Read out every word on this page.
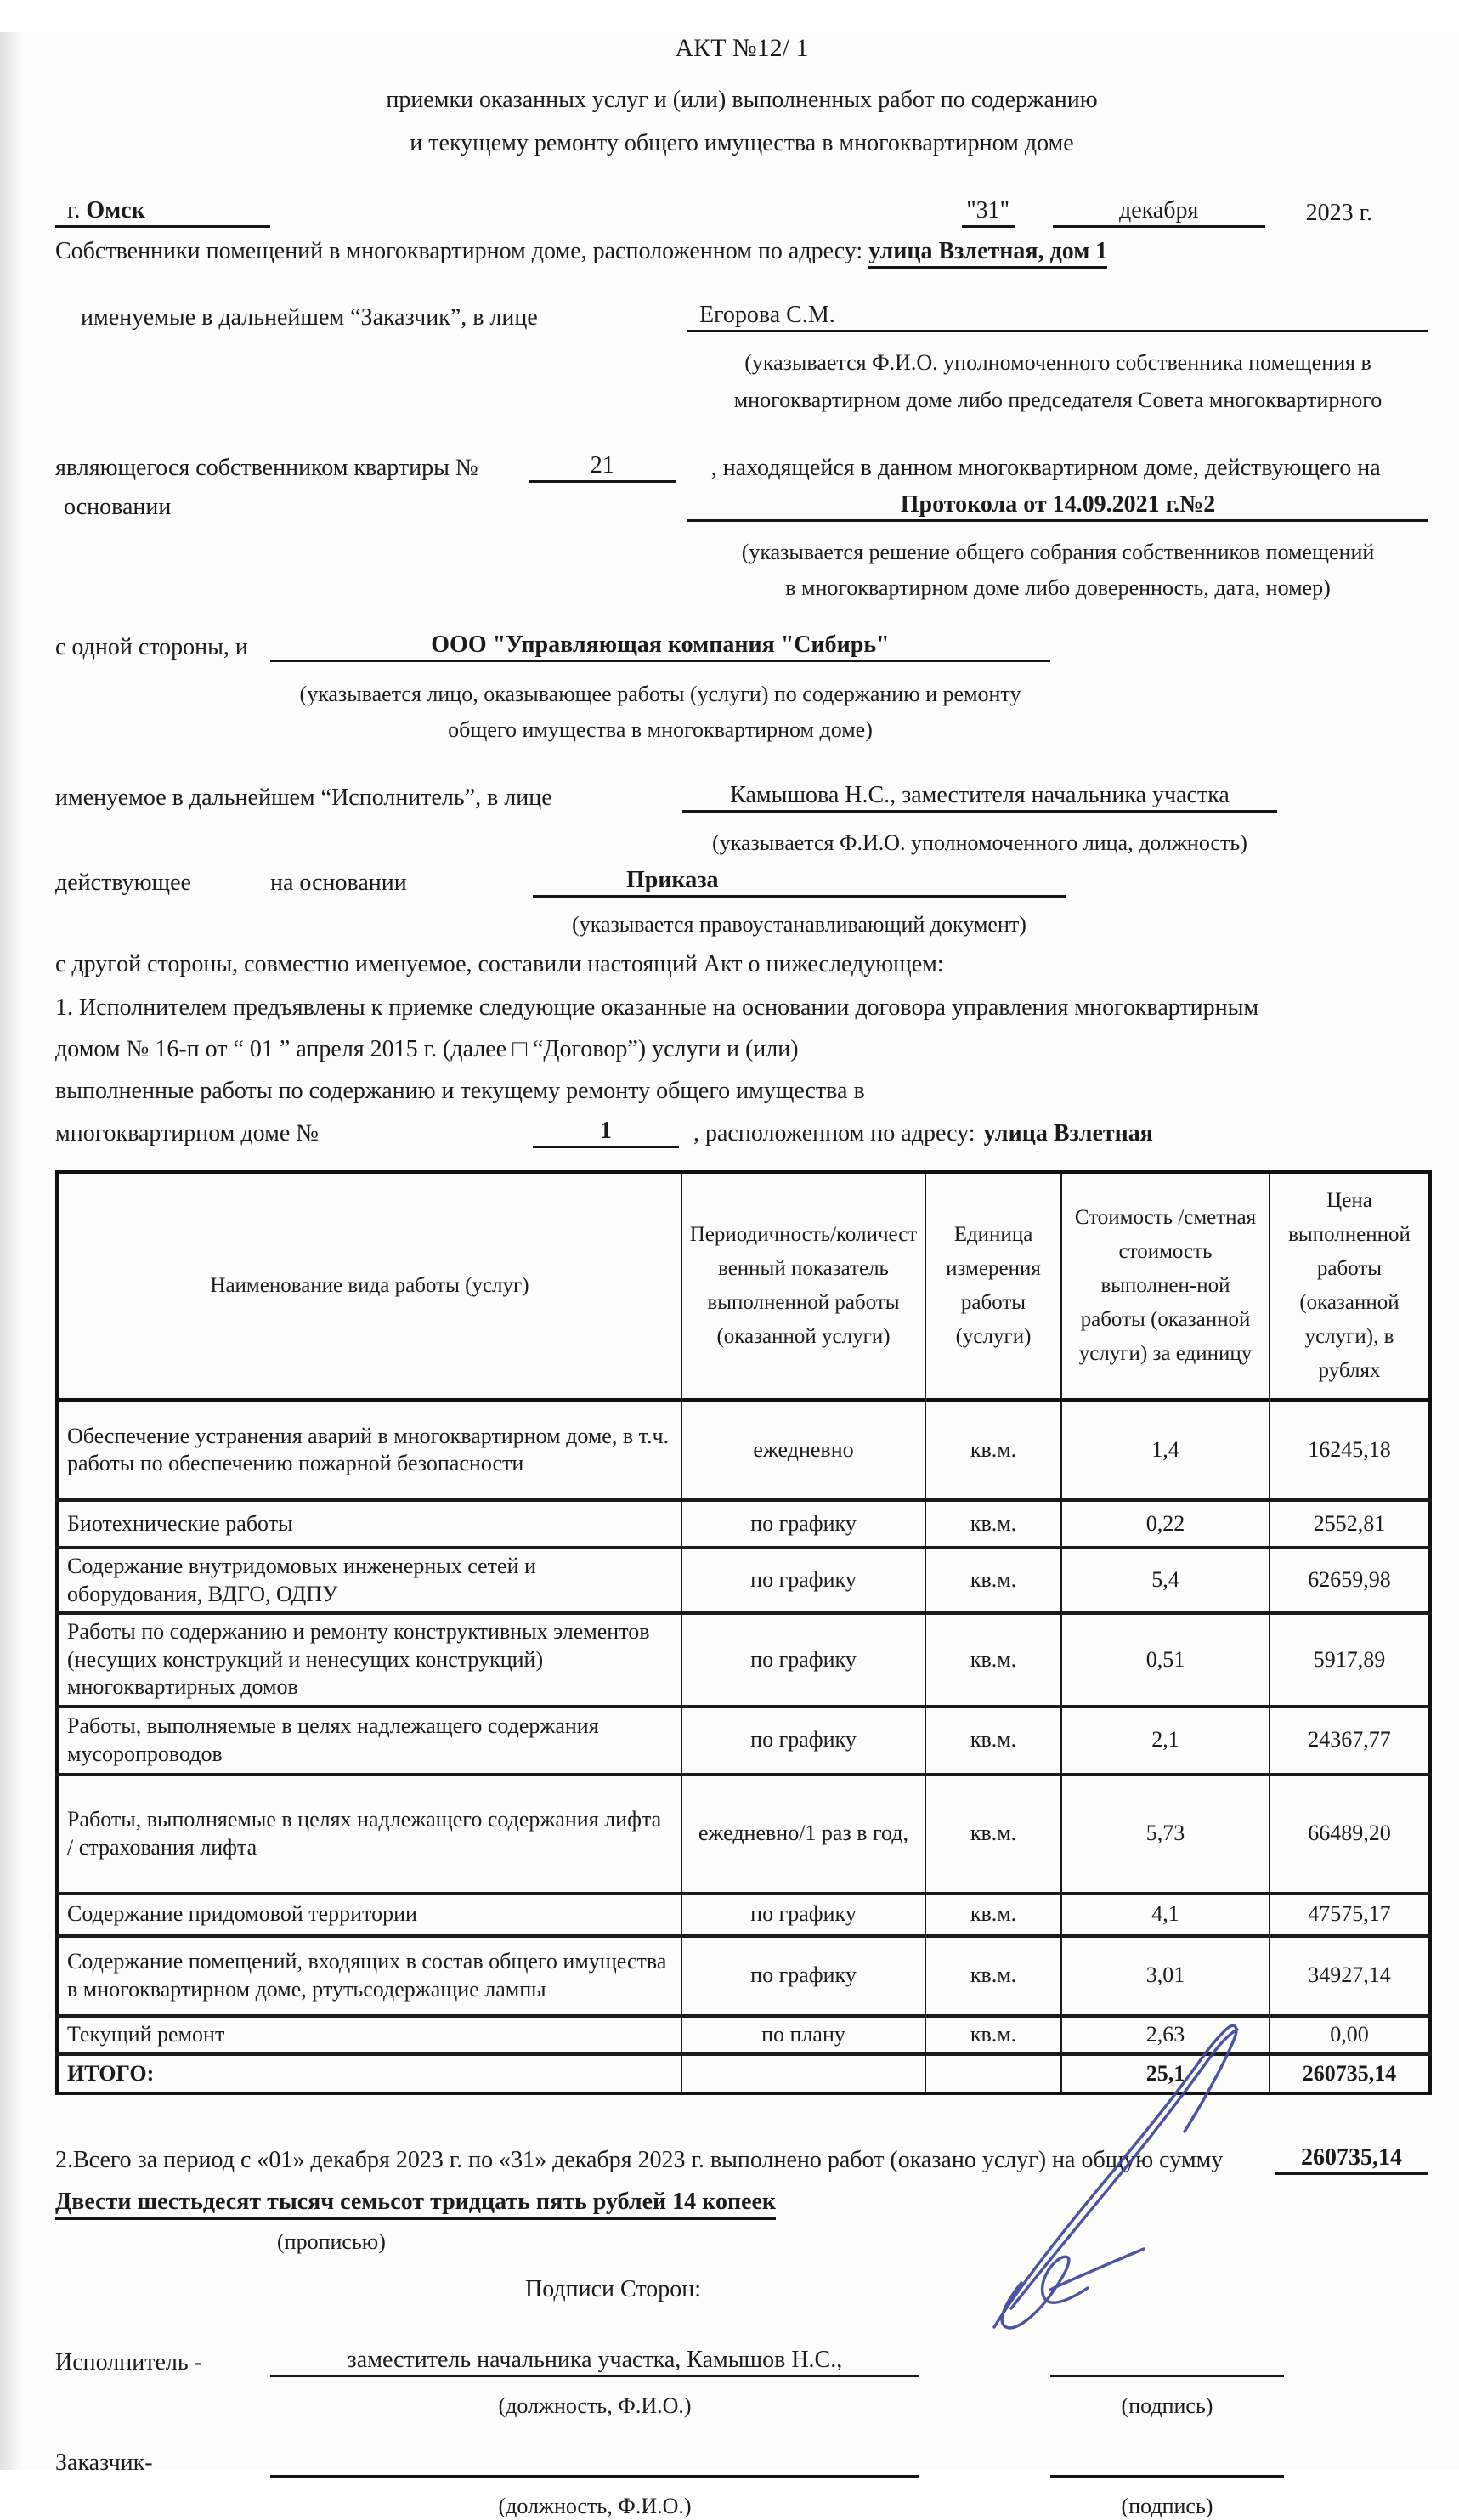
АКТ №12/ 1
приемки оказанных услуг и (или) выполненных работ по содержанию
и текущему ремонту общего имущества в многоквартирном доме
г. Омск	"31"	декабря	2023 г.
Собственники помещений в многоквартирном доме, расположенном по адресу: улица Взлетная, дом 1
именуемые в дальнейшем “Заказчик”, в лице	Егорова С.М.
(указывается Ф.И.О. уполномоченного собственника помещения в
многоквартирном доме либо председателя Совета многоквартирного
являющегося собственником квартиры №	21	, находящейся в данном многоквартирном доме, действующего на
основании	Протокола от 14.09.2021 г.№2
(указывается решение общего собрания собственников помещений
в многоквартирном доме либо доверенность, дата, номер)
с одной стороны, и	ООО "Управляющая компания "Сибирь"
(указывается лицо, оказывающее работы (услуги) по содержанию и ремонту
общего имущества в многоквартирном доме)
именуемое в дальнейшем “Исполнитель”, в лице	Камышова Н.С., заместителя начальника участка
(указывается Ф.И.О. уполномоченного лица, должность)
действующее	на основании	Приказа
(указывается правоустанавливающий документ)
с другой стороны, совместно именуемое, составили настоящий Акт о нижеследующем:
1. Исполнителем предъявлены к приемке следующие оказанные на основании договора управления многоквартирным
домом № 16-п от “ 01 ” апреля 2015 г. (далее □ “Договор”) услуги и (или)
выполненные работы по содержанию и текущему ремонту общего имущества в
многоквартирном доме №	1	, расположенном по адресу: улица Взлетная
Наименование вида работы (услуг)	Периодичность/количест венный показатель выполненной работы (оказанной услуги)	Единица измерения работы (услуги)	Стоимость /сметная стоимость выполнен-ной работы (оказанной услуги) за единицу	Цена выполненной работы (оказанной услуги), в рублях
Обеспечение устранения аварий в многоквартирном доме, в т.ч. работы по обеспечению пожарной безопасности	ежедневно	кв.м.	1,4	16245,18
Биотехнические работы	по графику	кв.м.	0,22	2552,81
Содержание внутридомовых инженерных сетей и оборудования, ВДГО, ОДПУ	по графику	кв.м.	5,4	62659,98
Работы по содержанию и ремонту конструктивных элементов (несущих конструкций и ненесущих конструкций) многоквартирных домов	по графику	кв.м.	0,51	5917,89
Работы, выполняемые в целях надлежащего содержания мусоропроводов	по графику	кв.м.	2,1	24367,77
Работы, выполняемые в целях надлежащего содержания лифта / страхования лифта	ежедневно/1 раз в год,	кв.м.	5,73	66489,20
Содержание придомовой территории	по графику	кв.м.	4,1	47575,17
Содержание помещений, входящих в состав общего имущества в многоквартирном доме, ртутьсодержащие лампы	по графику	кв.м.	3,01	34927,14
Текущий ремонт	по плану	кв.м.	2,63	0,00
ИТОГО:			25,1	260735,14
2.Всего за период с «01» декабря 2023 г. по «31» декабря 2023 г. выполнено работ (оказано услуг) на общую сумму	260735,14
Двести шестьдесят тысяч семьсот тридцать пять рублей 14 копеек
(прописью)
Подписи Сторон:
Исполнитель -	заместитель начальника участка, Камышов Н.С.,
(должность, Ф.И.О.)	(подпись)
Заказчик-
(должность, Ф.И.О.)	(подпись)
